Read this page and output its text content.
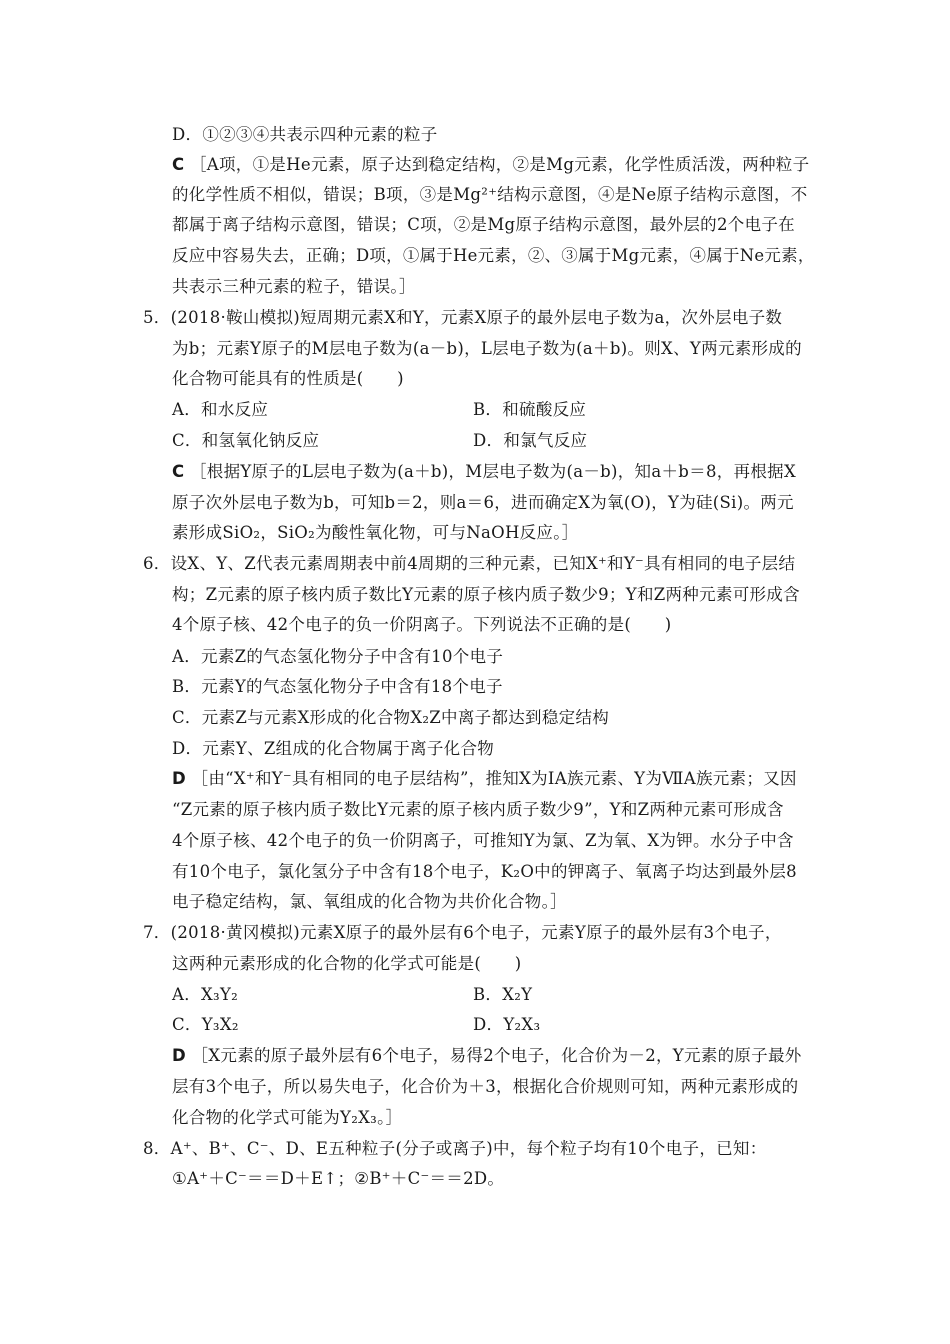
D．①②③④共表示四种元素的粒子
C ［A项，①是He元素，原子达到稳定结构，②是Mg元素，化学性质活泼，两种粒子
的化学性质不相似，错误；B项，③是Mg²⁺结构示意图，④是Ne原子结构示意图，不
都属于离子结构示意图，错误；C项，②是Mg原子结构示意图，最外层的2个电子在
反应中容易失去，正确；D项，①属于He元素，②、③属于Mg元素，④属于Ne元素，
共表示三种元素的粒子，错误。］
5．(2018·鞍山模拟)短周期元素X和Y，元素X原子的最外层电子数为a，次外层电子数
为b；元素Y原子的M层电子数为(a－b)，L层电子数为(a＋b)。则X、Y两元素形成的
化合物可能具有的性质是(　　)
A．和水反应	B．和硫酸反应
C．和氢氧化钠反应	D．和氯气反应
C ［根据Y原子的L层电子数为(a＋b)，M层电子数为(a－b)，知a＋b＝8，再根据X
原子次外层电子数为b，可知b＝2，则a＝6，进而确定X为氧(O)，Y为硅(Si)。两元
素形成SiO₂，SiO₂为酸性氧化物，可与NaOH反应。］
6．设X、Y、Z代表元素周期表中前4周期的三种元素，已知X⁺和Y⁻具有相同的电子层结
构；Z元素的原子核内质子数比Y元素的原子核内质子数少9；Y和Z两种元素可形成含
4个原子核、42个电子的负一价阴离子。下列说法不正确的是(　　)
A．元素Z的气态氢化物分子中含有10个电子
B．元素Y的气态氢化物分子中含有18个电子
C．元素Z与元素X形成的化合物X₂Z中离子都达到稳定结构
D．元素Y、Z组成的化合物属于离子化合物
D ［由“X⁺和Y⁻具有相同的电子层结构”，推知X为ⅠA族元素、Y为ⅦA族元素；又因
“Z元素的原子核内质子数比Y元素的原子核内质子数少9”，Y和Z两种元素可形成含
4个原子核、42个电子的负一价阴离子，可推知Y为氯、Z为氧、X为钾。水分子中含
有10个电子，氯化氢分子中含有18个电子，K₂O中的钾离子、氧离子均达到最外层8
电子稳定结构，氯、氧组成的化合物为共价化合物。］
7．(2018·黄冈模拟)元素X原子的最外层有6个电子，元素Y原子的最外层有3个电子，
这两种元素形成的化合物的化学式可能是(　　)
A．X₃Y₂	B．X₂Y
C．Y₃X₂	D．Y₂X₃
D ［X元素的原子最外层有6个电子，易得2个电子，化合价为－2，Y元素的原子最外
层有3个电子，所以易失电子，化合价为＋3，根据化合价规则可知，两种元素形成的
化合物的化学式可能为Y₂X₃。］
8．A⁺、B⁺、C⁻、D、E五种粒子(分子或离子)中，每个粒子均有10个电子，已知：
①A⁺＋C⁻＝＝D＋E↑；②B⁺＋C⁻＝＝2D。
